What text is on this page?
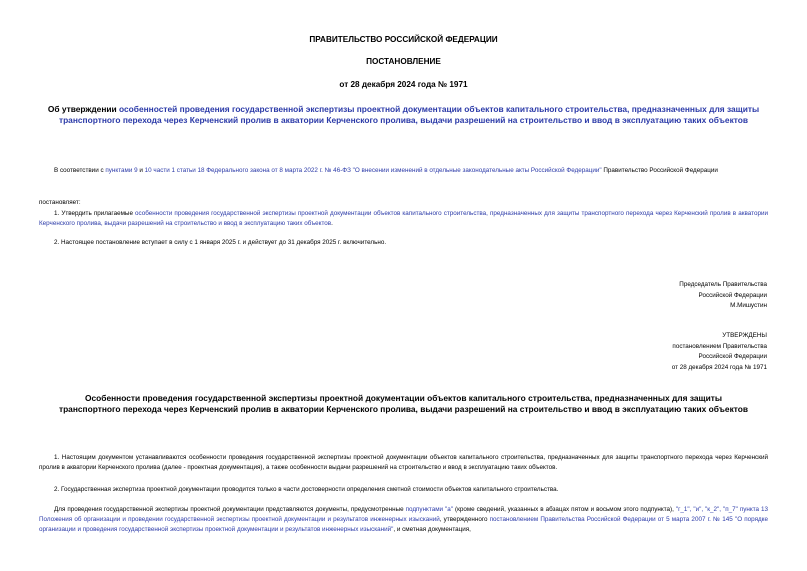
ПРАВИТЕЛЬСТВО РОССИЙСКОЙ ФЕДЕРАЦИИ
ПОСТАНОВЛЕНИЕ
от 28 декабря 2024 года № 1971
Об утверждении особенностей проведения государственной экспертизы проектной документации объектов капитального строительства, предназначенных для защиты транспортного перехода через Керченский пролив в акватории Керченского пролива, выдачи разрешений на строительство и ввод в эксплуатацию таких объектов
В соответствии с пунктами 9 и 10 части 1 статьи 18 Федерального закона от 8 марта 2022 г. № 46-ФЗ "О внесении изменений в отдельные законодательные акты Российской Федерации" Правительство Российской Федерации
постановляет:
1. Утвердить прилагаемые особенности проведения государственной экспертизы проектной документации объектов капитального строительства, предназначенных для защиты транспортного перехода через Керченский пролив в акватории Керченского пролива, выдачи разрешений на строительство и ввод в эксплуатацию таких объектов.
2. Настоящее постановление вступает в силу с 1 января 2025 г. и действует до 31 декабря 2025 г. включительно.
Председатель Правительства
Российской Федерации
М.Мишустин
УТВЕРЖДЕНЫ
постановлением Правительства
Российской Федерации
от 28 декабря 2024 года № 1971
Особенности проведения государственной экспертизы проектной документации объектов капитального строительства, предназначенных для защиты транспортного перехода через Керченский пролив в акватории Керченского пролива, выдачи разрешений на строительство и ввод в эксплуатацию таких объектов
1. Настоящим документом устанавливаются особенности проведения государственной экспертизы проектной документации объектов капитального строительства, предназначенных для защиты транспортного перехода через Керченский пролив в акватории Керченского пролива (далее - проектная документация), а также особенности выдачи разрешений на строительство и ввод в эксплуатацию таких объектов.
2. Государственная экспертиза проектной документации проводится только в части достоверности определения сметной стоимости объектов капитального строительства.
Для проведения государственной экспертизы проектной документации представляются документы, предусмотренные подпунктами "а" (кроме сведений, указанных в абзацах пятом и восьмом этого подпункта), "г_1", "и", "к_2", "п_7" пункта 13 Положения об организации и проведении государственной экспертизы проектной документации и результатов инженерных изысканий, утвержденного постановлением Правительства Российской Федерации от 5 марта 2007 г. № 145 "О порядке организации и проведения государственной экспертизы проектной документации и результатов инженерных изысканий", и сметная документация,
